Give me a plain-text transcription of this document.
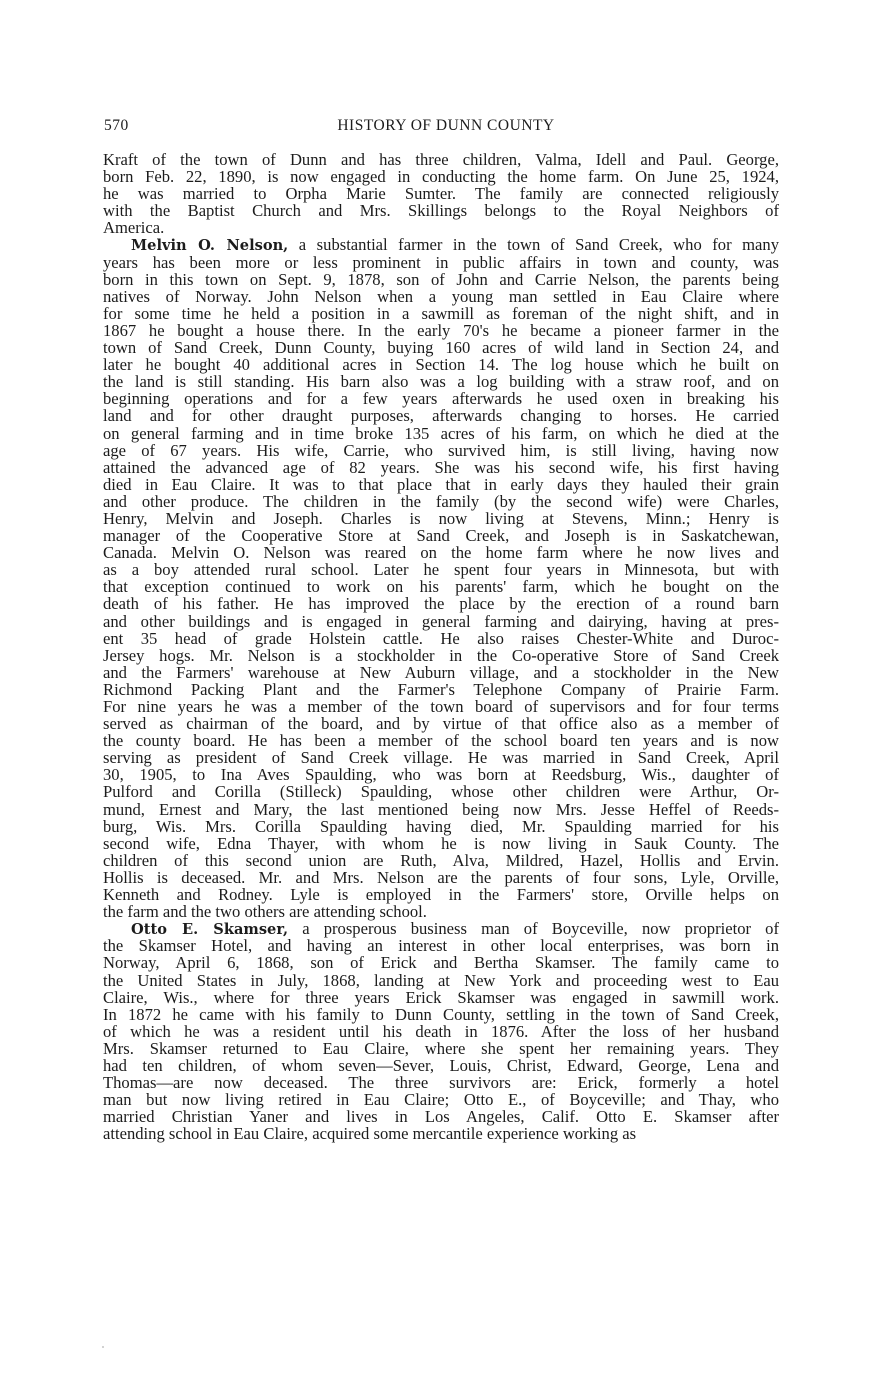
570	HISTORY OF DUNN COUNTY
Kraft of the town of Dunn and has three children, Valma, Idell and Paul. George,
born Feb. 22, 1890, is now engaged in conducting the home farm. On June 25, 1924,
he was married to Orpha Marie Sumter. The family are connected religiously
with the Baptist Church and Mrs. Skillings belongs to the Royal Neighbors of
America.
Melvin O. Nelson, a substantial farmer in the town of Sand Creek, who for many
years has been more or less prominent in public affairs in town and county, was
born in this town on Sept. 9, 1878, son of John and Carrie Nelson, the parents being
natives of Norway. John Nelson when a young man settled in Eau Claire where
for some time he held a position in a sawmill as foreman of the night shift, and in
1867 he bought a house there. In the early 70's he became a pioneer farmer in the
town of Sand Creek, Dunn County, buying 160 acres of wild land in Section 24, and
later he bought 40 additional acres in Section 14. The log house which he built on
the land is still standing. His barn also was a log building with a straw roof, and on
beginning operations and for a few years afterwards he used oxen in breaking his
land and for other draught purposes, afterwards changing to horses. He carried
on general farming and in time broke 135 acres of his farm, on which he died at the
age of 67 years. His wife, Carrie, who survived him, is still living, having now
attained the advanced age of 82 years. She was his second wife, his first having
died in Eau Claire. It was to that place that in early days they hauled their grain
and other produce. The children in the family (by the second wife) were Charles,
Henry, Melvin and Joseph. Charles is now living at Stevens, Minn.; Henry is
manager of the Cooperative Store at Sand Creek, and Joseph is in Saskatchewan,
Canada. Melvin O. Nelson was reared on the home farm where he now lives and
as a boy attended rural school. Later he spent four years in Minnesota, but with
that exception continued to work on his parents' farm, which he bought on the
death of his father. He has improved the place by the erection of a round barn
and other buildings and is engaged in general farming and dairying, having at pres-
ent 35 head of grade Holstein cattle. He also raises Chester-White and Duroc-
Jersey hogs. Mr. Nelson is a stockholder in the Co-operative Store of Sand Creek
and the Farmers' warehouse at New Auburn village, and a stockholder in the New
Richmond Packing Plant and the Farmer's Telephone Company of Prairie Farm.
For nine years he was a member of the town board of supervisors and for four terms
served as chairman of the board, and by virtue of that office also as a member of
the county board. He has been a member of the school board ten years and is now
serving as president of Sand Creek village. He was married in Sand Creek, April
30, 1905, to Ina Aves Spaulding, who was born at Reedsburg, Wis., daughter of
Pulford and Corilla (Stilleck) Spaulding, whose other children were Arthur, Or-
mund, Ernest and Mary, the last mentioned being now Mrs. Jesse Heffel of Reeds-
burg, Wis. Mrs. Corilla Spaulding having died, Mr. Spaulding married for his
second wife, Edna Thayer, with whom he is now living in Sauk County. The
children of this second union are Ruth, Alva, Mildred, Hazel, Hollis and Ervin.
Hollis is deceased. Mr. and Mrs. Nelson are the parents of four sons, Lyle, Orville,
Kenneth and Rodney. Lyle is employed in the Farmers' store, Orville helps on
the farm and the two others are attending school.
Otto E. Skamser, a prosperous business man of Boyceville, now proprietor of
the Skamser Hotel, and having an interest in other local enterprises, was born in
Norway, April 6, 1868, son of Erick and Bertha Skamser. The family came to
the United States in July, 1868, landing at New York and proceeding west to Eau
Claire, Wis., where for three years Erick Skamser was engaged in sawmill work.
In 1872 he came with his family to Dunn County, settling in the town of Sand Creek,
of which he was a resident until his death in 1876. After the loss of her husband
Mrs. Skamser returned to Eau Claire, where she spent her remaining years. They
had ten children, of whom seven—Sever, Louis, Christ, Edward, George, Lena and
Thomas—are now deceased. The three survivors are: Erick, formerly a hotel
man but now living retired in Eau Claire; Otto E., of Boyceville; and Thay, who
married Christian Yaner and lives in Los Angeles, Calif. Otto E. Skamser after
attending school in Eau Claire, acquired some mercantile experience working as
